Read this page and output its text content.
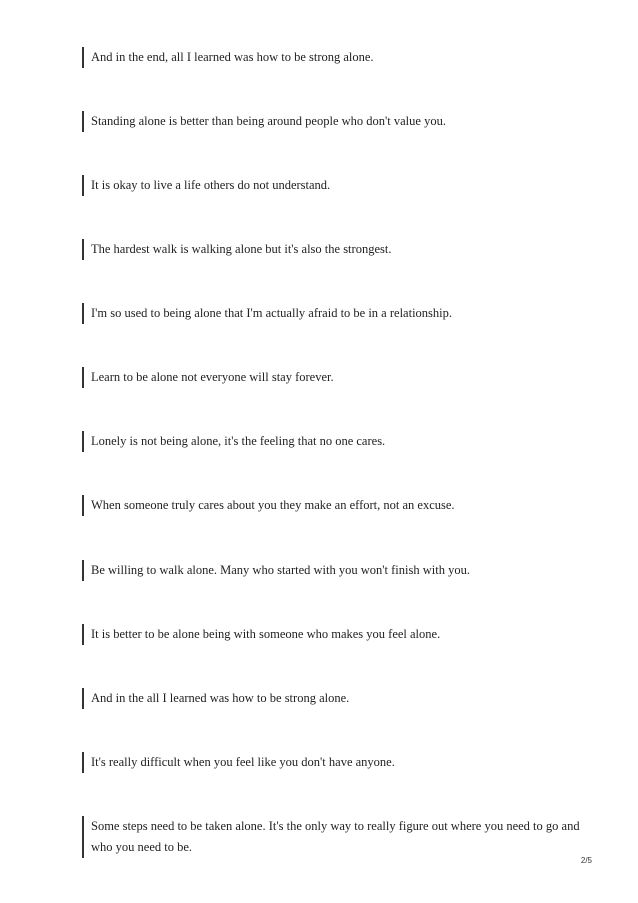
And in the end, all I learned was how to be strong alone.
Standing alone is better than being around people who don't value you.
It is okay to live a life others do not understand.
The hardest walk is walking alone but it's also the strongest.
I'm so used to being alone that I'm actually afraid to be in a relationship.
Learn to be alone not everyone will stay forever.
Lonely is not being alone, it's the feeling that no one cares.
When someone truly cares about you they make an effort, not an excuse.
Be willing to walk alone. Many who started with you won't finish with you.
It is better to be alone being with someone who makes you feel alone.
And in the all I learned was how to be strong alone.
It's really difficult when you feel like you don't have anyone.
Some steps need to be taken alone. It's the only way to really figure out where you need to go and who you need to be.
2/5
